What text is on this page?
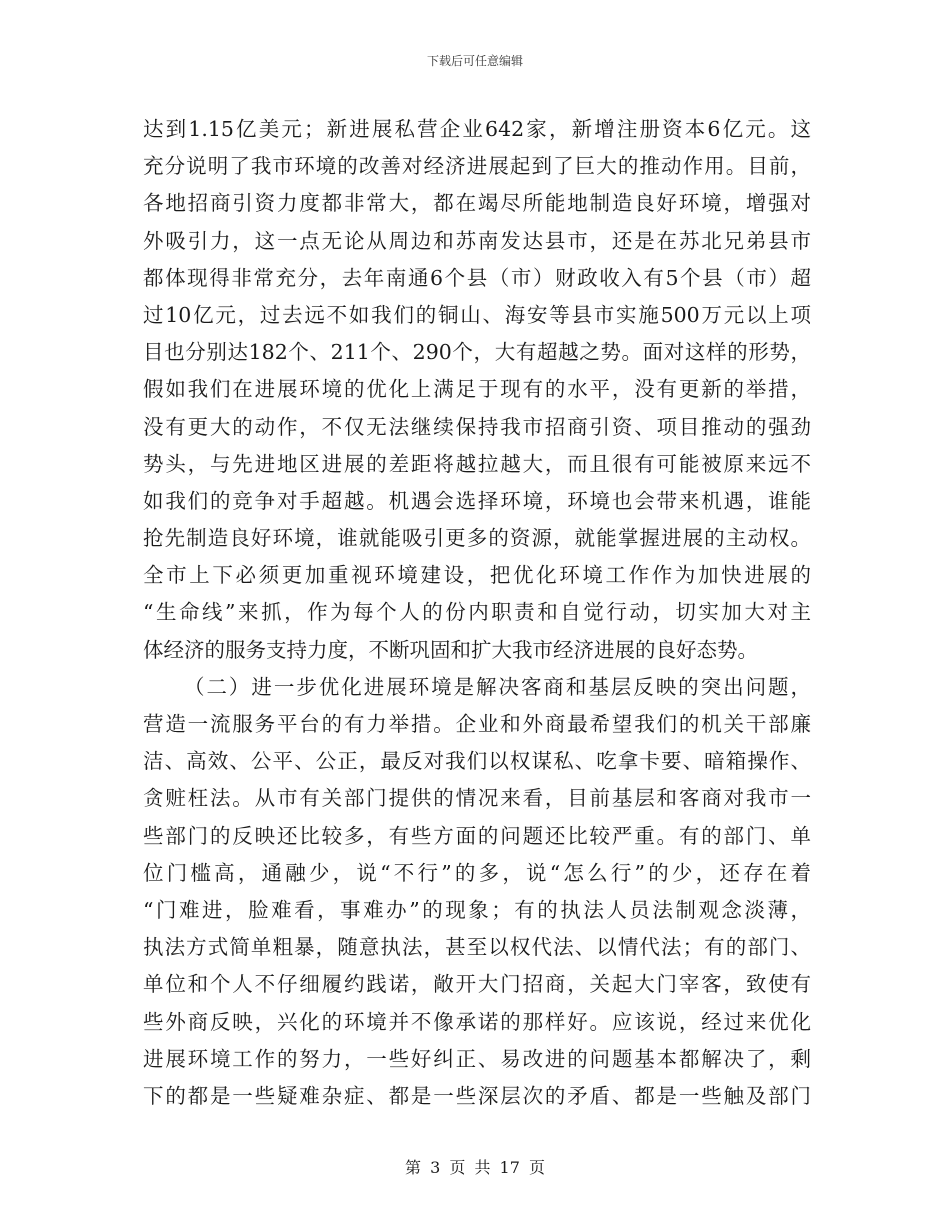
下载后可任意编辑
达到1.15亿美元；新进展私营企业642家，新增注册资本6亿元。这
充分说明了我市环境的改善对经济进展起到了巨大的推动作用。目前，
各地招商引资力度都非常大，都在竭尽所能地制造良好环境，增强对
外吸引力，这一点无论从周边和苏南发达县市，还是在苏北兄弟县市
都体现得非常充分，去年南通6个县（市）财政收入有5个县（市）超
过10亿元，过去远不如我们的铜山、海安等县市实施500万元以上项
目也分别达182个、211个、290个，大有超越之势。面对这样的形势，
假如我们在进展环境的优化上满足于现有的水平，没有更新的举措，
没有更大的动作，不仅无法继续保持我市招商引资、项目推动的强劲
势头，与先进地区进展的差距将越拉越大，而且很有可能被原来远不
如我们的竞争对手超越。机遇会选择环境，环境也会带来机遇，谁能
抢先制造良好环境，谁就能吸引更多的资源，就能掌握进展的主动权。
全市上下必须更加重视环境建设，把优化环境工作作为加快进展的
“生命线”来抓，作为每个人的份内职责和自觉行动，切实加大对主
体经济的服务支持力度，不断巩固和扩大我市经济进展的良好态势。
（二）进一步优化进展环境是解决客商和基层反映的突出问题，
营造一流服务平台的有力举措。企业和外商最希望我们的机关干部廉
洁、高效、公平、公正，最反对我们以权谋私、吃拿卡要、暗箱操作、
贪赃枉法。从市有关部门提供的情况来看，目前基层和客商对我市一
些部门的反映还比较多，有些方面的问题还比较严重。有的部门、单
位门槛高，通融少，说“不行”的多，说“怎么行”的少，还存在着
“门难进，脸难看，事难办”的现象；有的执法人员法制观念淡薄，
执法方式简单粗暴，随意执法，甚至以权代法、以情代法；有的部门、
单位和个人不仔细履约践诺，敞开大门招商，关起大门宰客，致使有
些外商反映，兴化的环境并不像承诺的那样好。应该说，经过来优化
进展环境工作的努力，一些好纠正、易改进的问题基本都解决了，剩
下的都是一些疑难杂症、都是一些深层次的矛盾、都是一些触及部门
第 3 页 共 17 页
